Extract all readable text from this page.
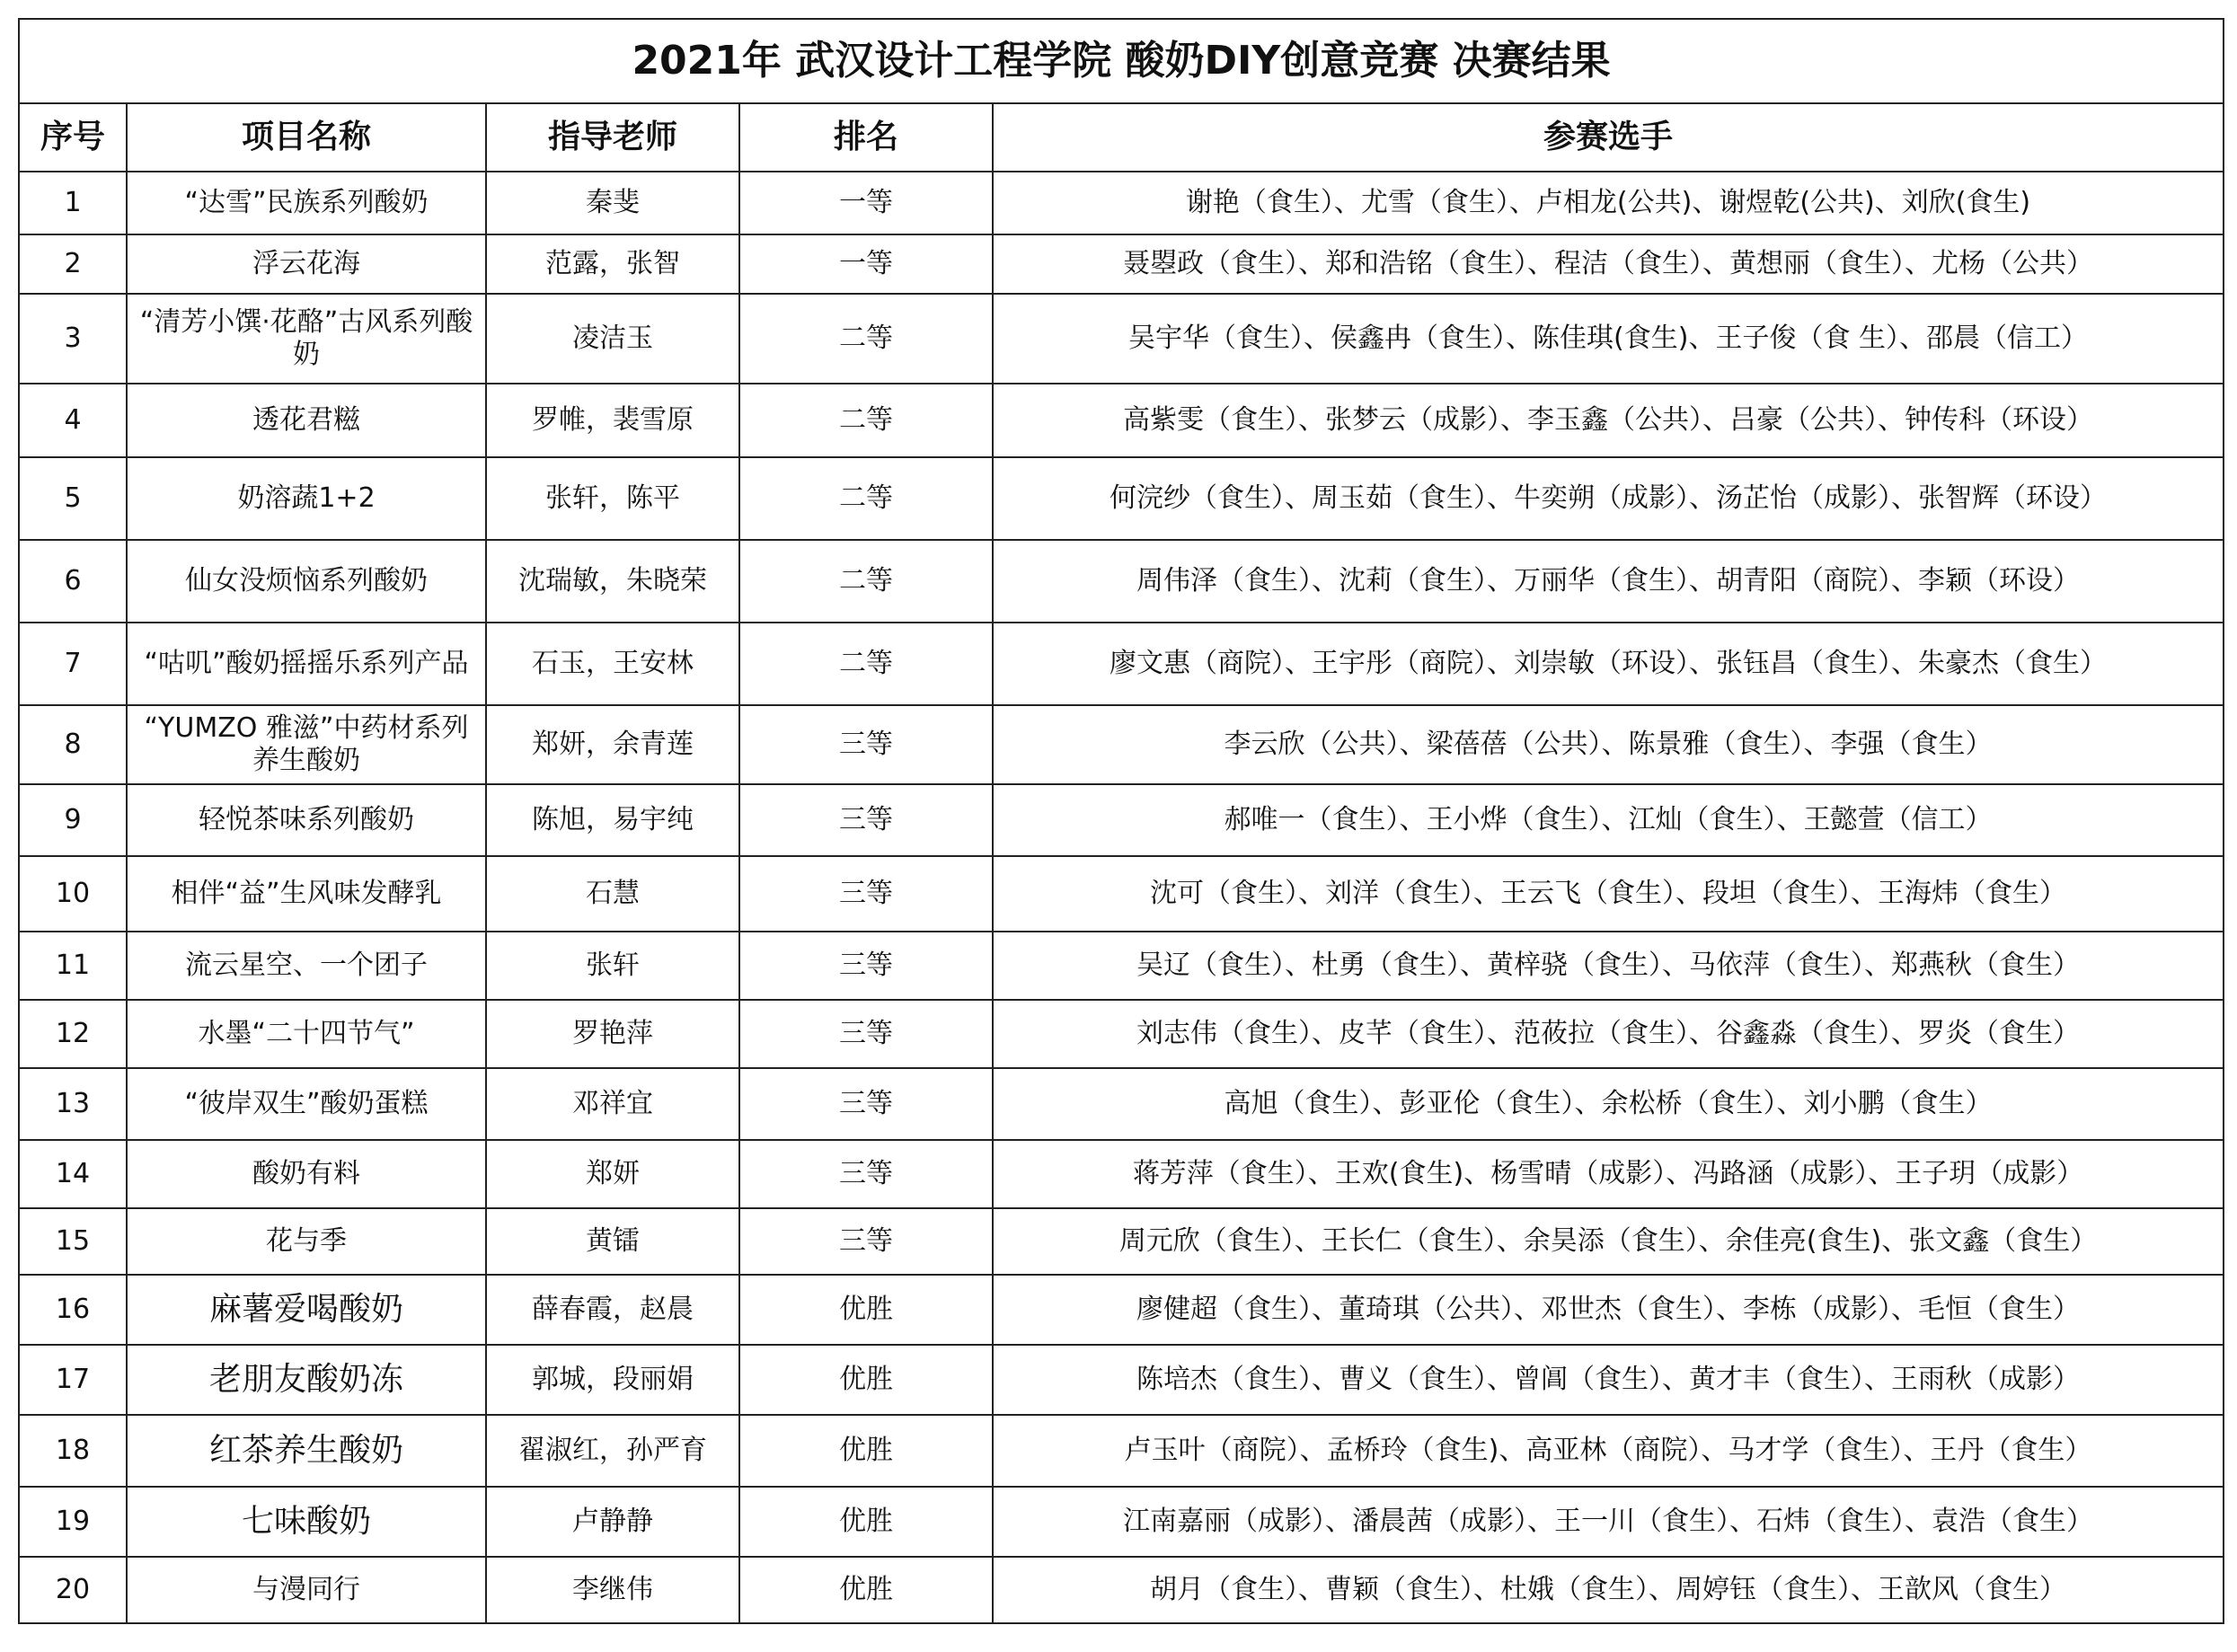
2021年 武汉设计工程学院 酸奶DIY创意竞赛 决赛结果				
序号	项目名称	指导老师	排名	参赛选手
1	“达雪”民族系列酸奶	秦斐	一等	谢艳（食生）、尤雪（食生）、卢相龙(公共)、谢煜乾(公共)、刘欣(食生)
2	浮云花海	范露，张智	一等	聂曌政（食生）、郑和浩铭（食生）、程洁（食生）、黄想丽（食生）、尤杨（公共）
3	“清芳小馔·花酪”古风系列酸奶	凌洁玉	二等	吴宇华（食生）、侯鑫冉（食生）、陈佳琪(食生)、王子俊（食 生）、邵晨（信工）
4	透花君糍	罗帷，裴雪原	二等	高紫雯（食生）、张梦云（成影）、李玉鑫（公共）、吕豪（公共）、钟传科（环设）
5	奶溶蔬1+2	张轩，陈平	二等	何浣纱（食生）、周玉茹（食生）、牛奕朔（成影）、汤芷怡（成影）、张智辉（环设）
6	仙女没烦恼系列酸奶	沈瑞敏，朱晓荣	二等	周伟泽（食生）、沈莉（食生）、万丽华（食生）、胡青阳（商院）、李颖（环设）
7	“咕叽”酸奶摇摇乐系列产品	石玉，王安林	二等	廖文惠（商院）、王宇彤（商院）、刘崇敏（环设）、张钰昌（食生）、朱豪杰（食生）
8	“YUMZO 雅滋”中药材系列养生酸奶	郑妍，余青莲	三等	李云欣（公共）、梁蓓蓓（公共）、陈景雅（食生）、李强（食生）
9	轻悦茶味系列酸奶	陈旭，易宇纯	三等	郝唯一（食生）、王小烨（食生）、江灿（食生）、王懿萱（信工）
10	相伴“益”生风味发酵乳	石慧	三等	沈可（食生）、刘洋（食生）、王云飞（食生）、段坦（食生）、王海炜（食生）
11	流云星空、一个团子	张轩	三等	吴辽（食生）、杜勇（食生）、黄梓骁（食生）、马依萍（食生）、郑燕秋（食生）
12	水墨“二十四节气”	罗艳萍	三等	刘志伟（食生）、皮芊（食生）、范莜拉（食生）、谷鑫淼（食生）、罗炎（食生）
13	“彼岸双生”酸奶蛋糕	邓祥宜	三等	高旭（食生）、彭亚伦（食生）、余松桥（食生）、刘小鹏（食生）
14	酸奶有料	郑妍	三等	蒋芳萍（食生）、王欢(食生)、杨雪晴（成影）、冯路涵（成影）、王子玥（成影）
15	花与季	黄镭	三等	周元欣（食生）、王长仁（食生）、余昊添（食生）、余佳亮(食生)、张文鑫（食生）
16	麻薯爱喝酸奶	薛春霞，赵晨	优胜	廖健超（食生）、董琦琪（公共）、邓世杰（食生）、李栋（成影）、毛恒（食生）
17	老朋友酸奶冻	郭城，段丽娟	优胜	陈培杰（食生）、曹义（食生）、曾阊（食生）、黄才丰（食生）、王雨秋（成影）
18	红茶养生酸奶	翟淑红，孙严育	优胜	卢玉叶（商院）、孟桥玲（食生)、高亚林（商院）、马才学（食生）、王丹（食生）
19	七味酸奶	卢静静	优胜	江南嘉丽（成影）、潘晨茜（成影）、王一川（食生）、石炜（食生）、袁浩（食生）
20	与漫同行	李继伟	优胜	胡月（食生）、曹颖（食生）、杜娥（食生）、周婷钰（食生）、王歆风（食生）
